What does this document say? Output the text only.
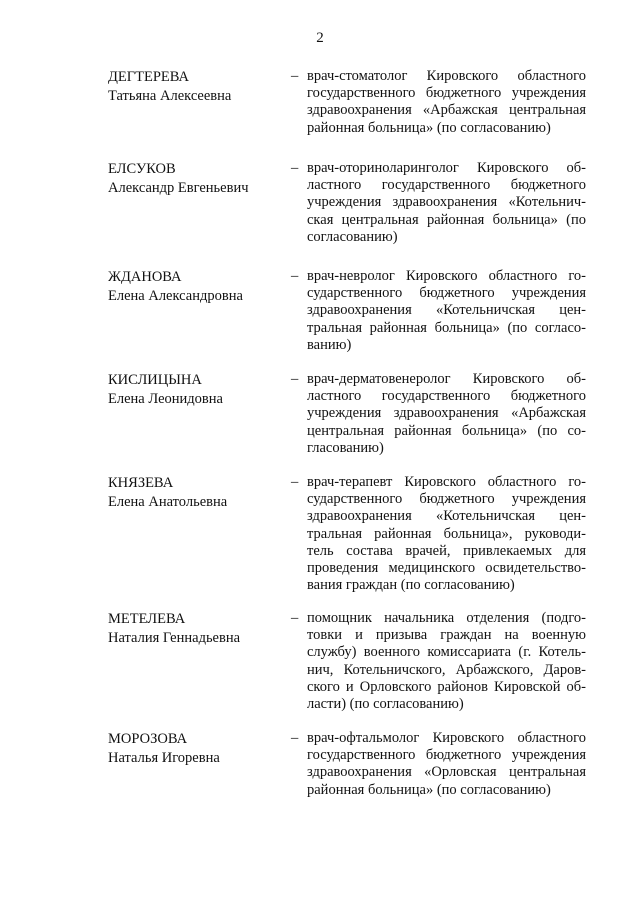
2
ДЕГТЕРЕВА
Татьяна Алексеевна
– врач-стоматолог Кировского областного
государственного бюджетного учреждения
здравоохранения «Арбажская центральная
районная больница» (по согласованию)
ЕЛСУКОВ
Александр Евгеньевич
– врач-оториноларинголог Кировского об-
ластного государственного бюджетного
учреждения здравоохранения «Котельнич-
ская центральная районная больница» (по
согласованию)
ЖДАНОВА
Елена Александровна
– врач-невролог Кировского областного го-
сударственного бюджетного учреждения
здравоохранения «Котельничская цен-
тральная районная больница» (по согласо-
ванию)
КИСЛИЦЫНА
Елена Леонидовна
– врач-дерматовенеролог Кировского об-
ластного государственного бюджетного
учреждения здравоохранения «Арбажская
центральная районная больница» (по со-
гласованию)
КНЯЗЕВА
Елена Анатольевна
– врач-терапевт Кировского областного го-
сударственного бюджетного учреждения
здравоохранения «Котельничская цен-
тральная районная больница», руководи-
тель состава врачей, привлекаемых для
проведения медицинского освидетельство-
вания граждан (по согласованию)
МЕТЕЛЕВА
Наталия Геннадьевна
– помощник начальника отделения (подго-
товки и призыва граждан на военную
службу) военного комиссариата (г. Котель-
нич, Котельничского, Арбажского, Даров-
ского и Орловского районов Кировской об-
ласти) (по согласованию)
МОРОЗОВА
Наталья Игоревна
– врач-офтальмолог Кировского областного
государственного бюджетного учреждения
здравоохранения «Орловская центральная
районная больница» (по согласованию)
